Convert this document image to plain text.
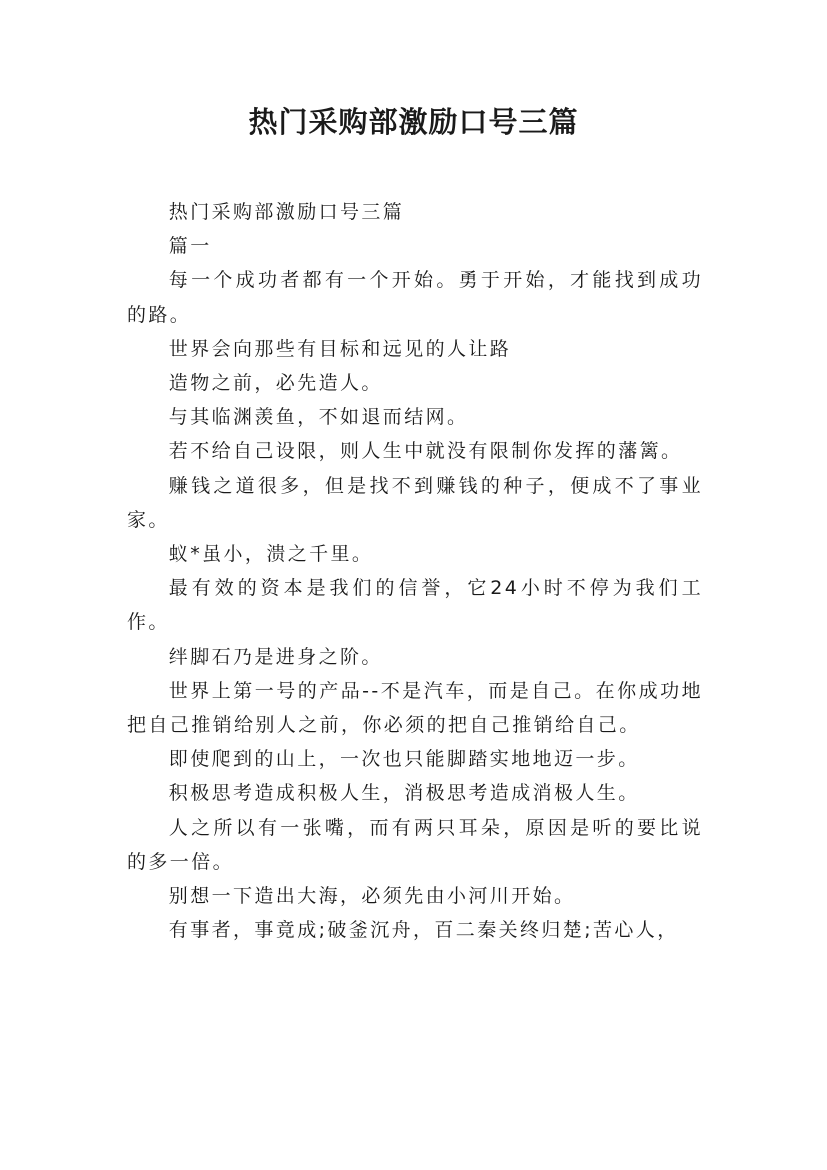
热门采购部激励口号三篇

热门采购部激励口号三篇

篇一

每一个成功者都有一个开始。勇于开始，才能找到成功的路。

世界会向那些有目标和远见的人让路

造物之前，必先造人。

与其临渊羡鱼，不如退而结网。

若不给自己设限，则人生中就没有限制你发挥的藩篱。

赚钱之道很多，但是找不到赚钱的种子，便成不了事业家。

蚁*虽小，溃之千里。

最有效的资本是我们的信誉，它24小时不停为我们工作。

绊脚石乃是进身之阶。

世界上第一号的产品--不是汽车，而是自己。在你成功地把自己推销给别人之前，你必须的把自己推销给自己。

即使爬到的山上，一次也只能脚踏实地地迈一步。

积极思考造成积极人生，消极思考造成消极人生。

人之所以有一张嘴，而有两只耳朵，原因是听的要比说的多一倍。

别想一下造出大海，必须先由小河川开始。

有事者，事竟成;破釜沉舟，百二秦关终归楚;苦心人，
